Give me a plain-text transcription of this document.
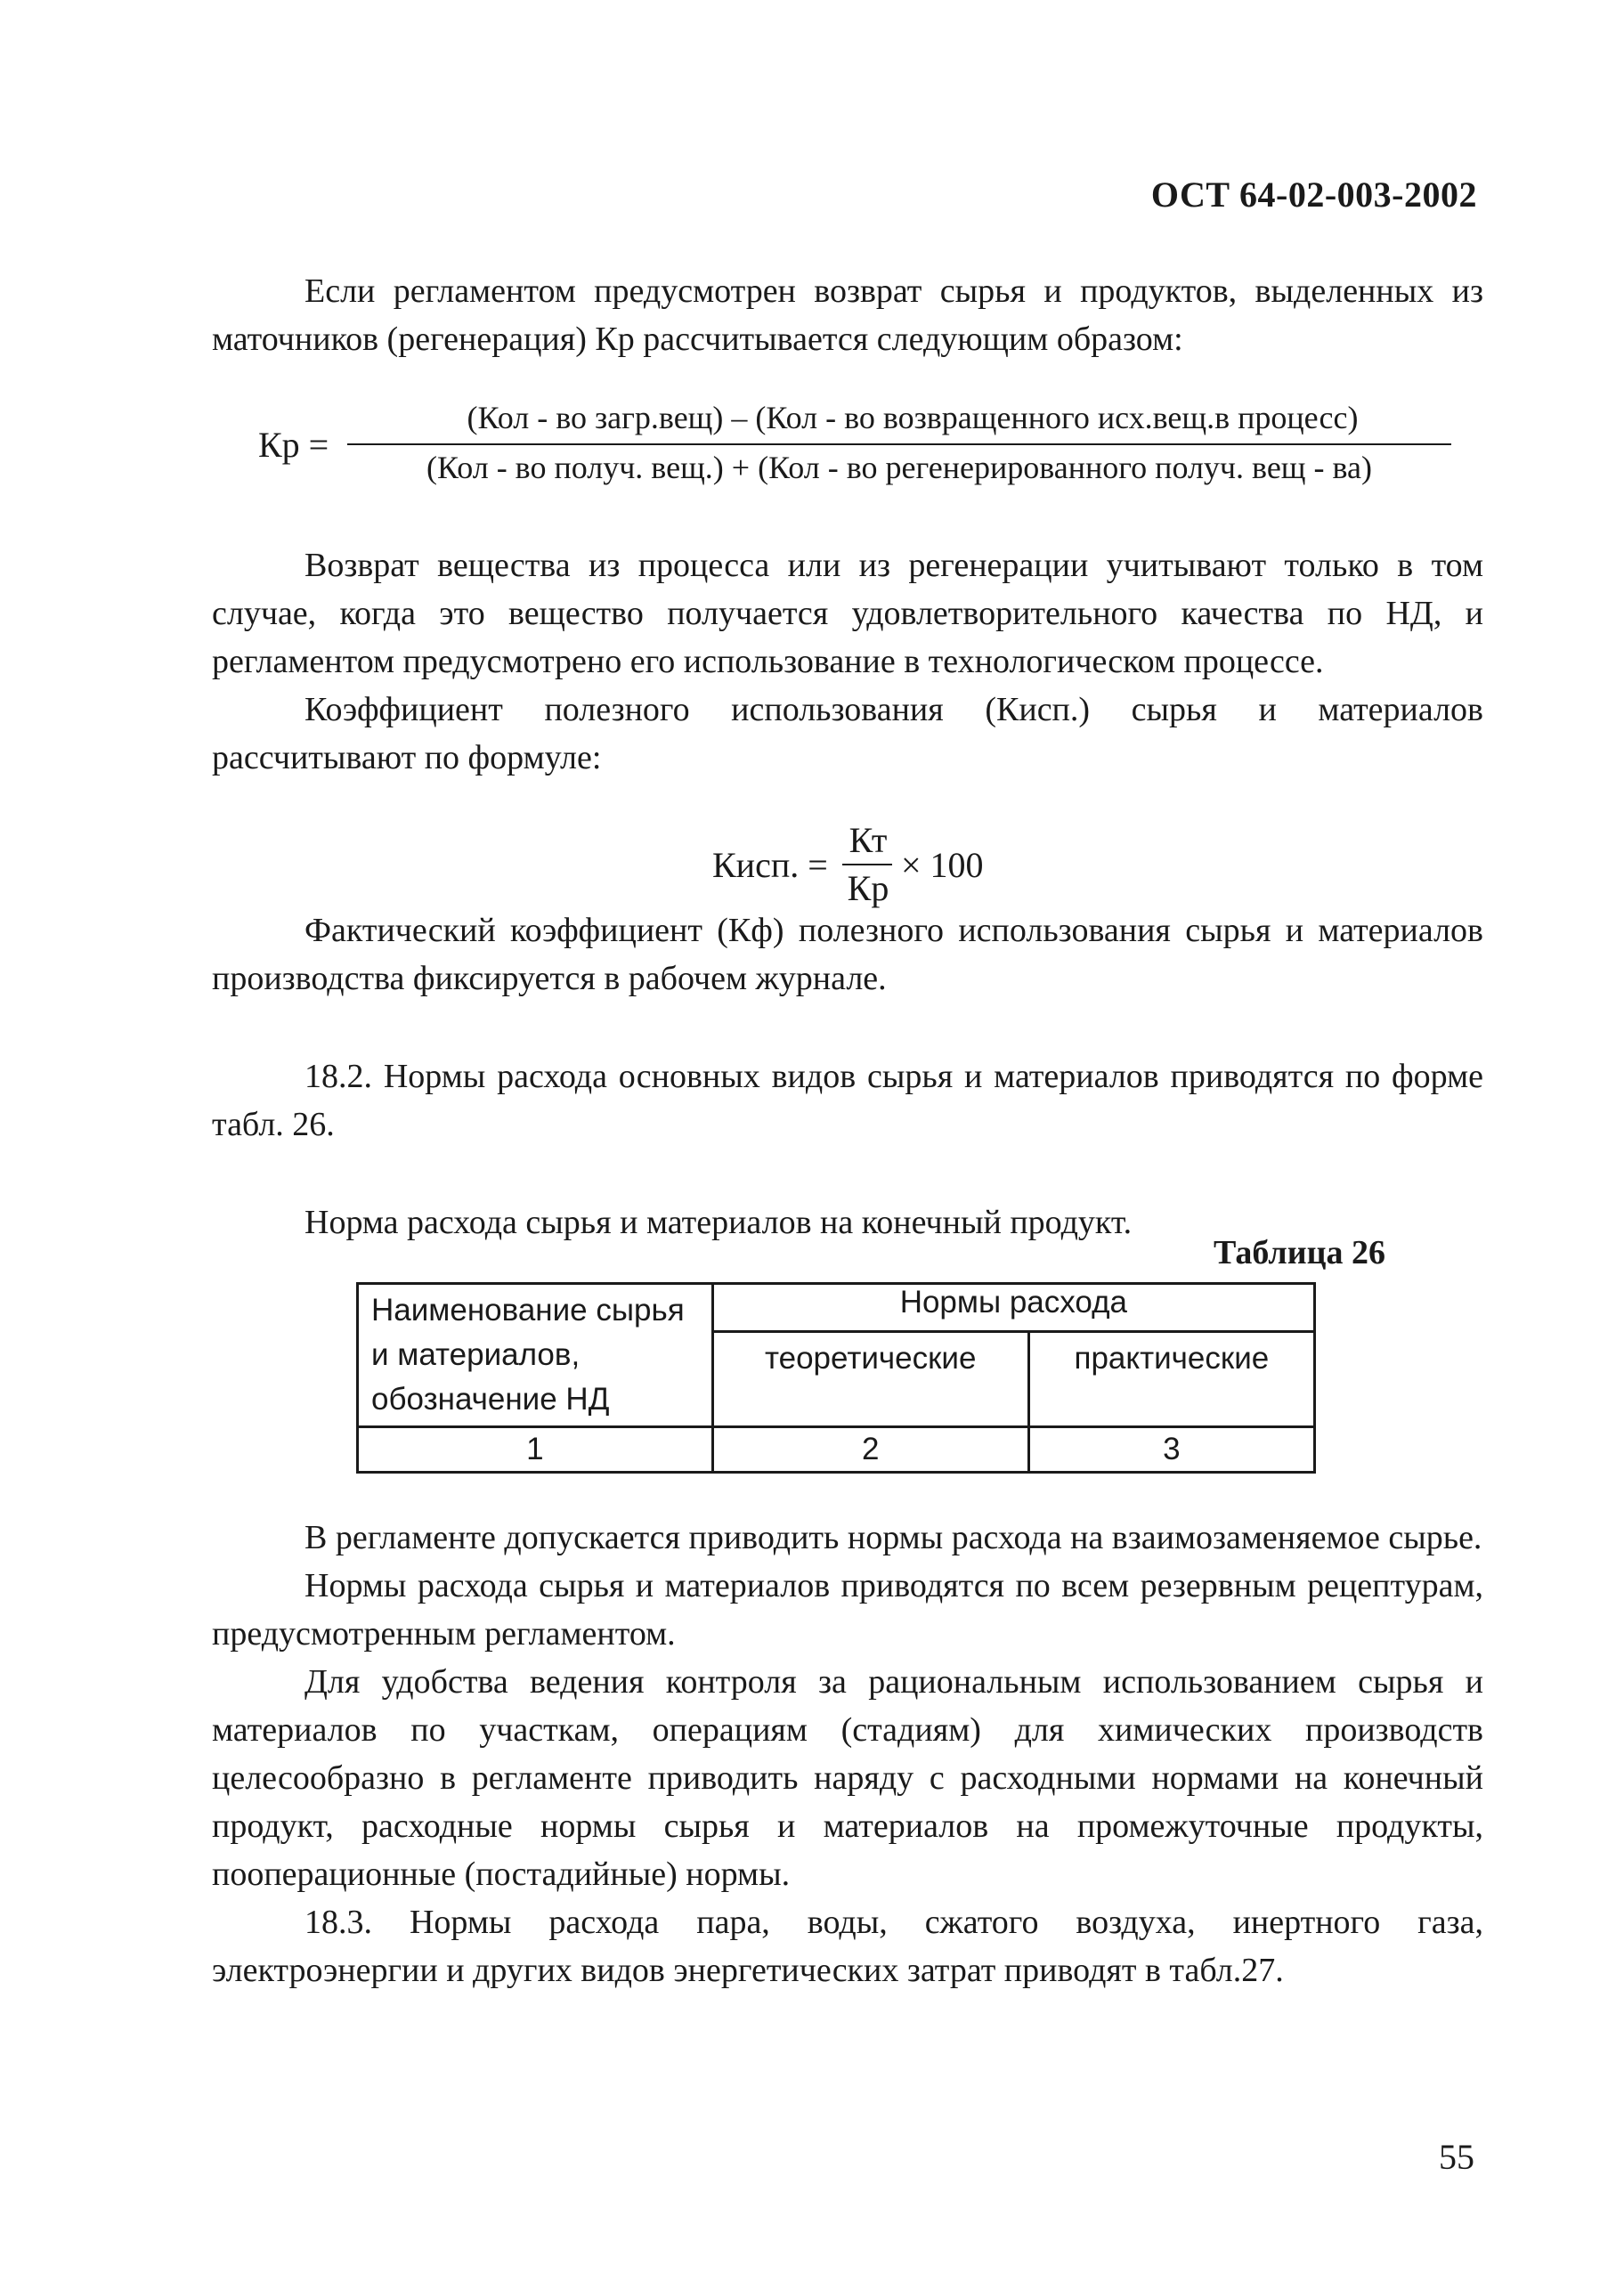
ОСТ 64-02-003-2002

Если регламентом предусмотрен возврат сырья и продуктов, выделенных из маточников (регенерация) Кр рассчитывается следующим образом:

Кр =
(Кол - во загр.вещ) – (Кол - во возвращенного исх.вещ.в процесс)
(Кол - во получ. вещ.) + (Кол - во регенерированного получ. вещ - ва)

Возврат вещества из процесса или из регенерации учитывают только в том случае, когда это вещество получается удовлетворительного качества по НД, и регламентом предусмотрено его использование в технологическом процессе.

Коэффициент полезного использования (Кисп.) сырья и материалов рассчитывают по формуле:

Кисп. =
Кт
Кр
× 100

Фактический коэффициент (Кф) полезного использования сырья и материалов производства фиксируется в рабочем журнале.

18.2. Нормы расхода основных видов сырья и материалов приводятся по форме табл. 26.

Норма расхода сырья и материалов на конечный продукт.

Таблица 26
Наименование сырья и материалов, обозначение НД	Нормы расхода	
	теоретические	практические
1	2	3

В регламенте допускается приводить нормы расхода на взаимозаменяемое сырье.

Нормы расхода сырья и материалов приводятся по всем резервным рецептурам, предусмотренным регламентом.

Для удобства ведения контроля за рациональным использованием сырья и материалов по участкам, операциям (стадиям) для химических производств целесообразно в регламенте приводить наряду с расходными нормами на конечный продукт, расходные нормы сырья и материалов на промежуточные продукты, пооперационные (постадийные) нормы.

18.3. Нормы расхода пара, воды, сжатого воздуха, инертного газа, электроэнергии и других видов энергетических затрат приводят в табл.27.

55
